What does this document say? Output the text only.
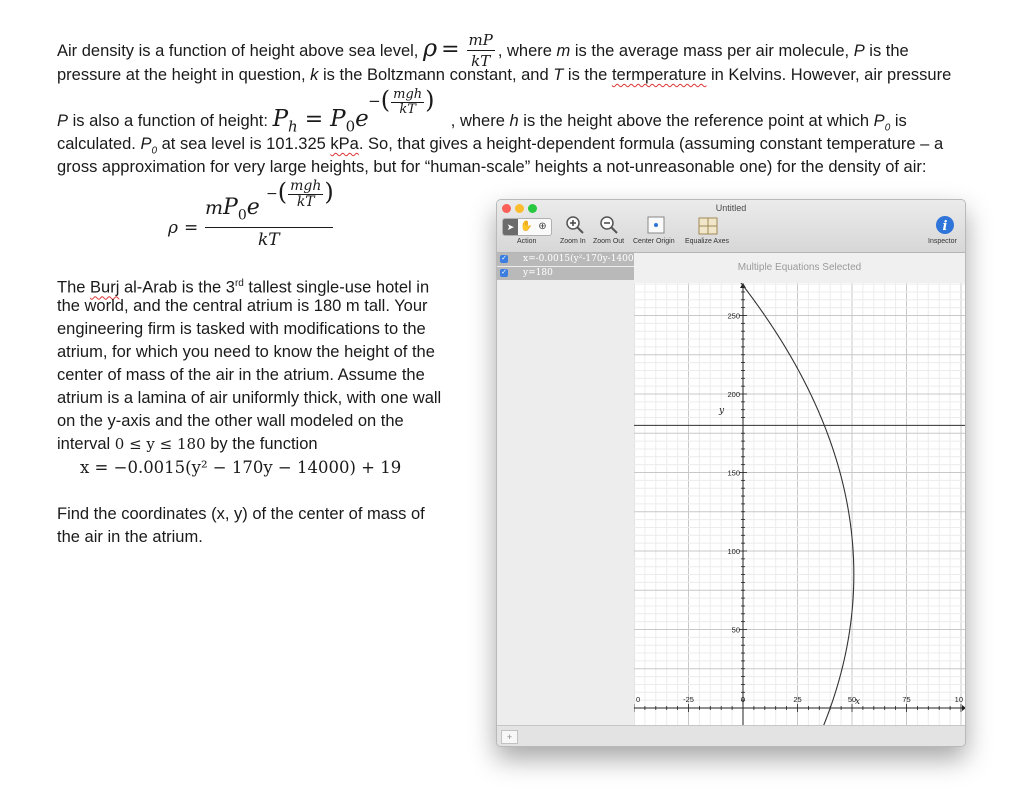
Air density is a function of height above sea level, $\rho = \frac{mP}{kT}$ , where m is the average mass per air molecule, P is the
pressure at the height in question, k is the Boltzmann constant, and T is the termperature in Kelvins. However, air pressure
P is also a function of height: $P_h = P_0e$
−( $\frac{\text{mgh}}{kT}$ )
, where h is the height above the reference point at which $P_0$ is
calculated. $P_0$ at sea level is 101.325 kPa. So, that gives a height-dependent formula (assuming constant temperature – a
gross approximation for very large heights, but for “human-scale” heights a not-unreasonable one) for the density of air:
ρ =
$mP_0e$
−( $\frac{\text{mgh}}{kT}$ )
kT
The Burj al-Arab is the 3rd tallest single-use hotel in
the world, and the central atrium is 180 m tall. Your
engineering firm is tasked with modifications to the
atrium, for which you need to know the height of the
center of mass of the air in the atrium. Assume the
atrium is a lamina of air uniformly thick, with one wall
on the y-axis and the other wall modeled on the
interval 0 ≤ y ≤ 180 by the function
x = −0.0015(y² − 170y − 14000) + 19
Find the coordinates (x, y) of the center of mass of
the air in the atrium.
Untitled
➤ ✋ ⊕	i
Action	Zoom In Zoom Out Center Origin Equalize Axes	Inspector
✓ x=-0.0015(y²-170y-1400
✓ y=180	Multiple Equations Selected
0	-25	0	25	50	75	10
250
200
150
100
50
x
y
+
